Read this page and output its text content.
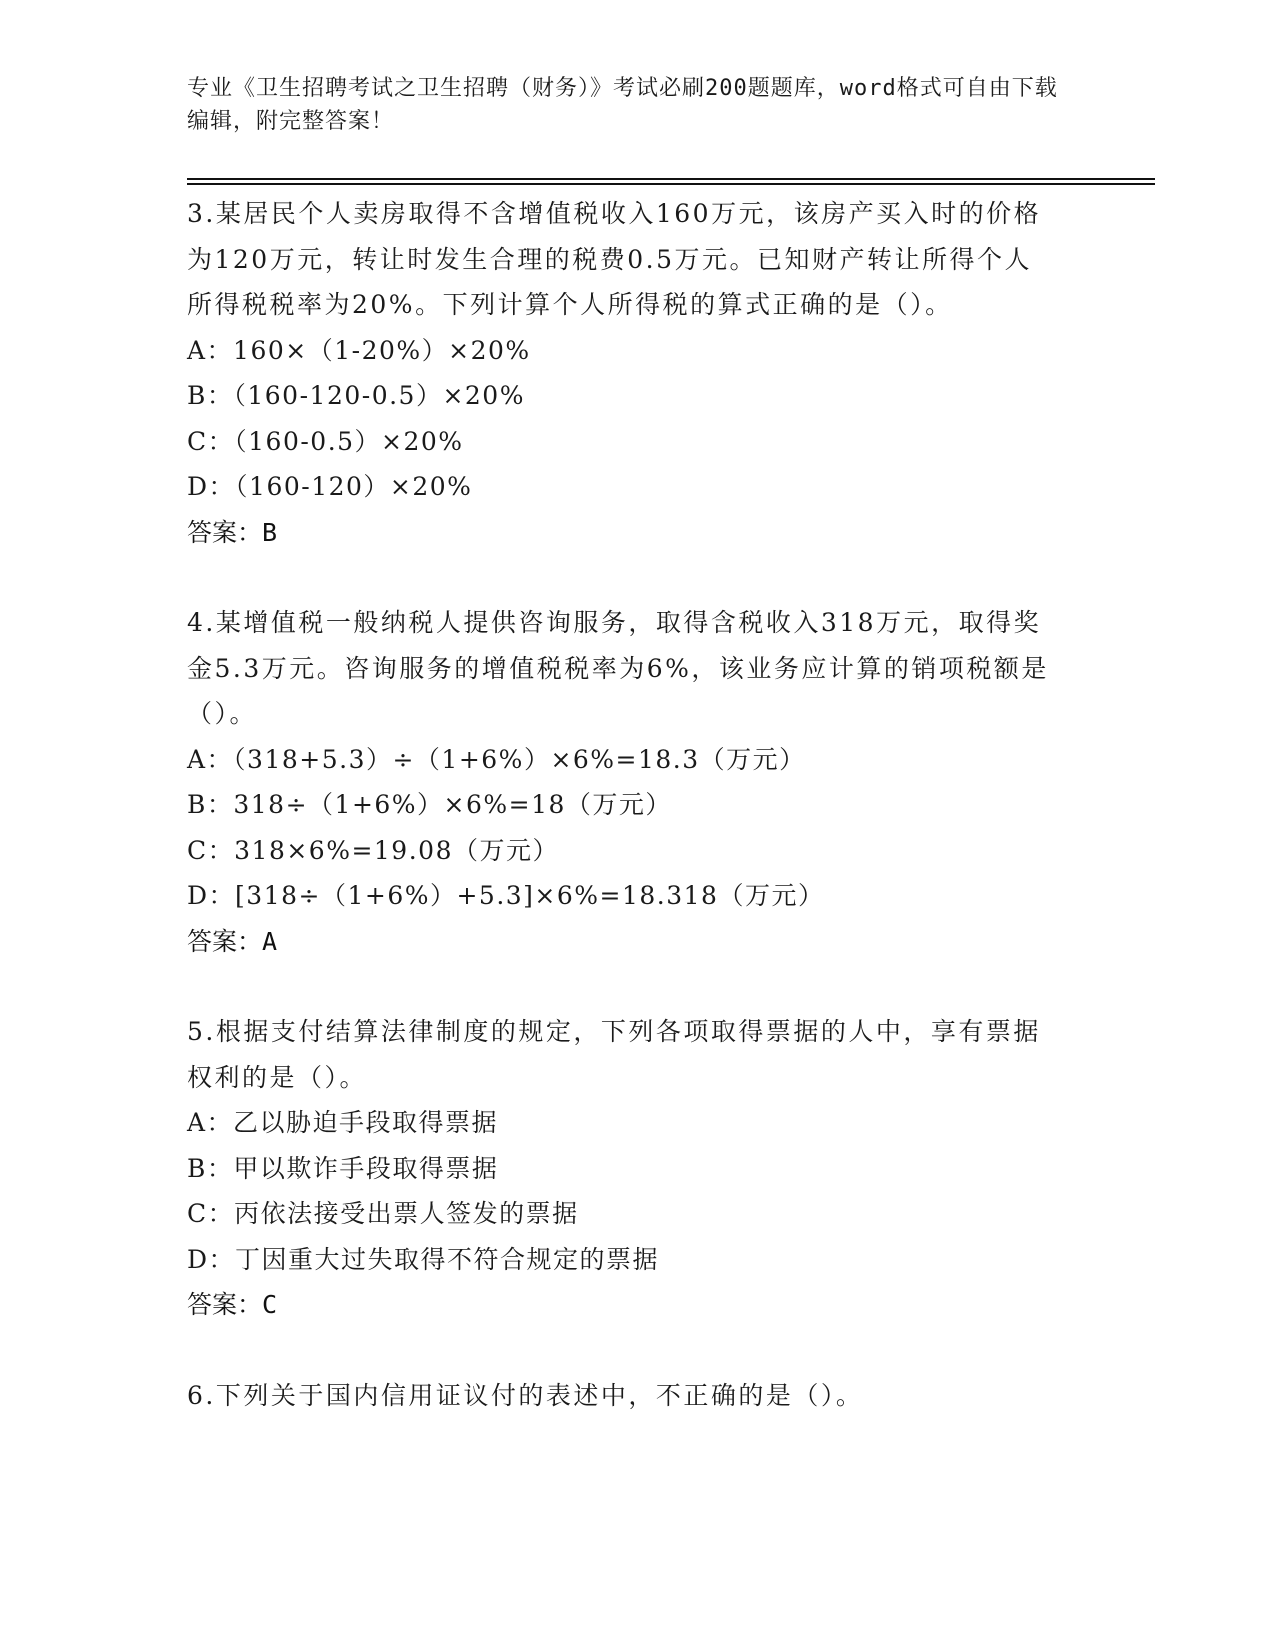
专业《卫生招聘考试之卫生招聘（财务）》考试必刷200题题库，word格式可自由下载编辑，附完整答案！
3.某居民个人卖房取得不含增值税收入160万元，该房产买入时的价格为120万元，转让时发生合理的税费0.5万元。已知财产转让所得个人所得税税率为20%。下列计算个人所得税的算式正确的是（）。
A：160×（1-20%）×20%
B：（160-120-0.5）×20%
C：（160-0.5）×20%
D：（160-120）×20%
答案：B
4.某增值税一般纳税人提供咨询服务，取得含税收入318万元，取得奖金5.3万元。咨询服务的增值税税率为6%，该业务应计算的销项税额是（）。
A：（318+5.3）÷（1+6%）×6%=18.3（万元）
B：318÷（1+6%）×6%=18（万元）
C：318×6%=19.08（万元）
D：[318÷（1+6%）+5.3]×6%=18.318（万元）
答案：A
5.根据支付结算法律制度的规定，下列各项取得票据的人中，享有票据权利的是（）。
A：乙以胁迫手段取得票据
B：甲以欺诈手段取得票据
C：丙依法接受出票人签发的票据
D：丁因重大过失取得不符合规定的票据
答案：C
6.下列关于国内信用证议付的表述中，不正确的是（）。
